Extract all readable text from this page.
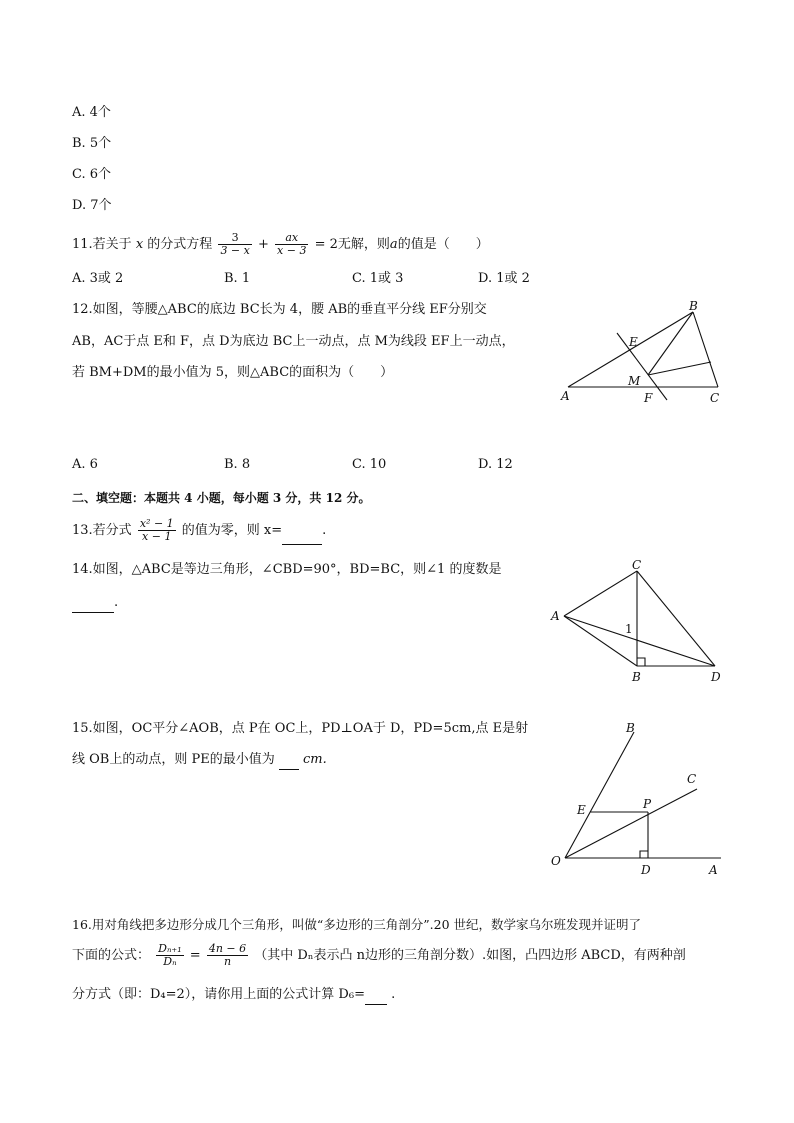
A. 4个
B. 5个
C. 6个
D. 7个
11.若关于 x 的分式方程 $\frac{3}{3 - x} + \frac{ax}{x - 3} = 2$无解，则a的值是（　　）
A. 3或 2	B. 1	C. 1或 3	D. 1或 2
12.如图，等腰△ABC的底边 BC长为 4，腰 AB的垂直平分线 EF分别交
AB，AC于点 E和 F，点 D为底边 BC上一动点，点 M为线段 EF上一动点，
若 BM+DM的最小值为 5，则△ABC的面积为（　　）
B
E
M
A	F	C
A. 6	B. 8	C. 10	D. 12
二、填空题：本题共 4 小题，每小题 3 分，共 12 分。
13.若分式 $\frac{\text{x² − 1}}{x - 1}$ 的值为零，则 x=	.
14.如图，△ABC是等边三角形，∠CBD=90°，BD=BC，则∠1 的度数是
.
C
A
1
B	D
15.如图，OC平分∠AOB，点 P在 OC上，PD⊥OA于 D，PD=5cm,点 E是射
线 OB上的动点，则 PE的最小值为 cm.
B
C
E	P
O
D	A
16.用对角线把多边形分成几个三角形，叫做“多边形的三角剖分”.20 世纪，数学家乌尔班发现并证明了
下面的公式： $\frac{\text{Dₙ₊₁}}{\text{Dₙ}} = \frac{4n - 6}{n}$ （其中 Dₙ表示凸 n边形的三角剖分数）.如图，凸四边形 ABCD，有两种剖
分方式（即：D₄=2），请你用上面的公式计算 D₆= .
